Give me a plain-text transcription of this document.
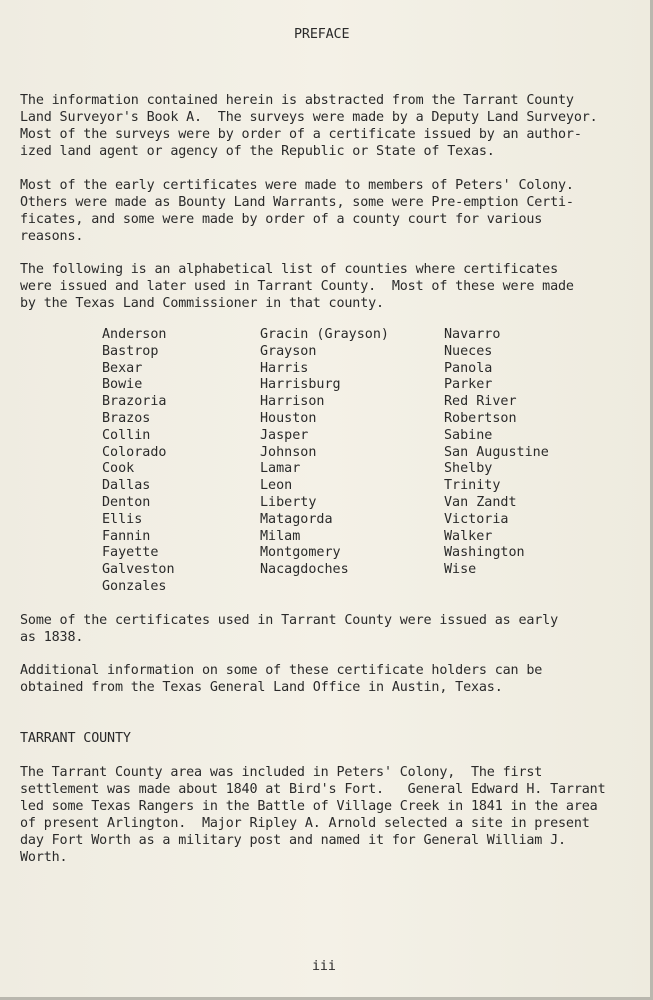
PREFACE
The information contained herein is abstracted from the Tarrant County
Land Surveyor's Book A.  The surveys were made by a Deputy Land Surveyor.
Most of the surveys were by order of a certificate issued by an author-
ized land agent or agency of the Republic or State of Texas.
Most of the early certificates were made to members of Peters' Colony.
Others were made as Bounty Land Warrants, some were Pre-emption Certi-
ficates, and some were made by order of a county court for various
reasons.
The following is an alphabetical list of counties where certificates
were issued and later used in Tarrant County.  Most of these were made
by the Texas Land Commissioner in that county.
Anderson
Bastrop
Bexar
Bowie
Brazoria
Brazos
Collin
Colorado
Cook
Dallas
Denton
Ellis
Fannin
Fayette
Galveston
Gonzales
Gracin (Grayson)
Grayson
Harris
Harrisburg
Harrison
Houston
Jasper
Johnson
Lamar
Leon
Liberty
Matagorda
Milam
Montgomery
Nacagdoches
Navarro
Nueces
Panola
Parker
Red River
Robertson
Sabine
San Augustine
Shelby
Trinity
Van Zandt
Victoria
Walker
Washington
Wise
Some of the certificates used in Tarrant County were issued as early
as 1838.
Additional information on some of these certificate holders can be
obtained from the Texas General Land Office in Austin, Texas.
TARRANT COUNTY
The Tarrant County area was included in Peters' Colony,  The first
settlement was made about 1840 at Bird's Fort.   General Edward H. Tarrant
led some Texas Rangers in the Battle of Village Creek in 1841 in the area
of present Arlington.  Major Ripley A. Arnold selected a site in present
day Fort Worth as a military post and named it for General William J.
Worth.
iii
